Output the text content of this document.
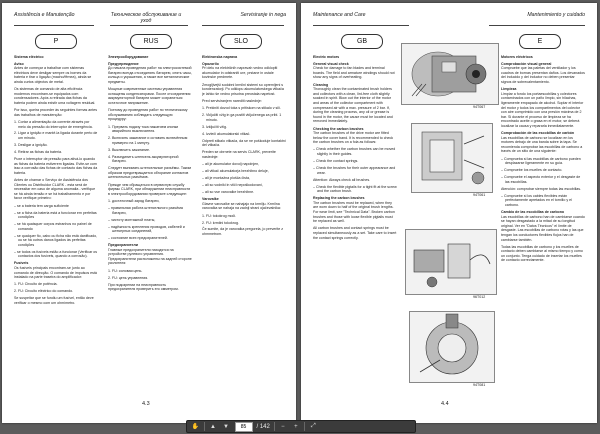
Assistência e Manutenção	Техническое обслуживание и уход
Servisiranje in nega
P	RUS	SLO
Sistema eléctrico
Aviso
Antes de começar a trabalhar com sistemas eléctricos deve desligar sempre os bornes da bateria e tirar o ligação (macho/fêmea), ainda se ainda curtos objectos de metal.
Os sistemas de comando de alta eficiência modernos encontram-se equipados com condensadores. Após a retirada das fichas da bateria podem ainda existir uma voltagem residual.
Por isso, queira proceder às seguintes formas antes das trabalhos de manutenção:
1. Cortar a alimentação da corrente através por meio da pressão do interruptor de emergência.
2. Ligar a ignição e mantê-la ligada durante perto de um minuto.
3. Desligar a ignição.
4. Retirar as fichas da bateria.
Puxe o interruptor de pressão para ativá-lo quando as fichas da bateria estiverem ligadas. Evite-se com isso a corrosão das fichas de contacto das fichas da bateria.
Antes de chamar o Serviço de Assistência dos Clientes ou Distribuidor CLARK - esta será de necessitar em caso de alguma anomalia - verifique se há ainda tensão e se há trabalhamento e por favor verifique primeiro:
– se a bateria tem carga suficiente
– se a ficha da bateria está a funcionar em perfeitas condições
– se há quaisquer corpos estranhos no painel de comando
– se qualquer fio, cabo ou ficha não está danificado, ou se há outros danos ligados às perfeitas condições
– se todos os fusíveis estão a funcionar (Verificar os contactos dos fusíveis, quando a corrosão).
Fusíveis
Os fusíveis principais encontram-se junto ao comando de direcção. O comando de impulsos está instalado na parte traseira do amplificador:
1. FU: Circuito de potência.
2. FU: Circuito eléctrico do comando.
Se suspeitar que se fundiu um fusível, então deve verificar o mesmo com um ohmímetro.
Электрооборудование
Предупреждение
До начала проведения работ на электросистемой батареи всегда отсоединять батарею, снять часы, кольца и украшения, а также все металлические предметы.
Мощные современные системы управления оснащены конденсаторами. После отсоединения аккумуляторной батареи может сохраниться остаточное напряжение.
Поэтому до проведения работ по техническому обслуживанию соблюдать следующую процедуру:
1. Прервать подачу тока нажатием кнопки аварийного выключателя.
2. Включить зажигание и оставить включённым примерно на 1 минуту.
3. Выключить зажигание.
4. Разъединить штепсель аккумуляторной батареи.
Следует вынимать штепсельные разъёмы. Таким образом предотвращается обгорание контактов штепсельных разъёмов.
Прежде чем обращаться в сервисную службу фирмы CLARK, при обнаружении неисправности в электрооборудовании проверьте следующее:
1. достаточный заряд батареи,
– правильная работа штепсельного разъёма батареи,
– чистоту монтажной платы,
– надёжность крепления проводов, кабелей и штекерных соединений,
– состояние всех предохранителей.
Предохранители
Главные предохранители находятся на устройстве рулевого управления. Предохранители расположены на задней стороне усилителя:
1. FU: силовая цепь.
2. FU: цепь управления.
При подозрении на неисправность предохранителя проверить его омметром.
Elektronska naprava
Opozorilo
Pri delu na električnih napravah vedno odklopiti akumulator in odstraniti ure, prstane in ostale kovinske predmete.
Zmogljivejši sodobni krmilni sistemi so opremljeni s kondenzatorji. Po odklopu akumulatorskega vtikača je lahko še vedno prisotna preostala napetost.
Pred servisiranjem narediti naslednje:
1. Prekiniti dovod toka s pritiskom na stikalo v sili.
2. Vključiti vžig in ga pustiti vključenega za pribl. 1 minuto.
3. Izključiti vžig.
4. Izvleči akumulatorski vtikač.
Odpreti stikalo vtikača, da se ne poškoduje kontaktni del vtikača.
Preden se obrnete na servis CLARK, preverite naslednje:
– ali je akumulator dovolj napolnjen,
– ali vtikač akumulatorja brezhibno deluje,
– ali je montažna plošča čista,
– ali so vodniki in vtiči nepoškodovani,
– ali so vse varovalke brezhibne.
Varovalke
Glavne varovalke se nahajajo na krmilju. Krmilna varovalka se nahaja na zadnji strani ojačevalnika:
1. FU: tokokrog moči.
2. FU: krmilni tokokrog.
Če sumite, da je varovalka pregorela, jo preverite z ohmmetrom.
4.3
Maintenance and Care	Mantenimiento y cuidado
GB	E
Electric motors
General visual check
Check for damage to fan blades and terminal boards. The field and armature windings should not show any signs of overheating.
Cleaning
Thoroughly clean the contaminated brush holders and collectors with a clean, lint-free cloth slightly soaked in spirit. Blow out the interior of the motor and areas of the collector compartment with compressed air with a max. pressure of 2 bar. If, during the cleaning process, any oil or grease is found in the motor, the cause must be located and removed immediately.
Checking the carbon brushes
The carbon brushes of the drive motor are fitted below the cover band. It is recommended to check the carbon brushes on a fola as follows:
– Check whether the carbon brushes can be moved slightly in their guides.
– Check the contact springs.
– Check the brushes for their outer appearance and wear.
Attention: Always check all brushes.
– Check the flexible pigtails for a tight fit at the screw and the carbon brush.
Replacing the carbon brushes
The carbon brushes must be replaced, when they are worn down to half of the original brush lengths. For wear limit, see "Technical Data". Broken carbon brushes and those with loose flexible pigtails must be replaced as well.
All carbon brushes and contact springs must be replaced simultaneously as a set. Take care to insert the contact springs correctly.
Motores eléctricos
Comprobación visual general
Compruebe que las paletas del ventilador y los cuadros de bornas presentan daños. Los devanados del inducido y del inductor no deben presentar signos de sobrecalentamiento.
Limpieza
Limpiar a fondo los portaescobillas y colectores contaminados con un paño limpio, sin hilachas, ligeramente empapado de alcohol. Soplar el interior del motor y todos los compartimentos del colector con aire comprimido con una presión máxima de 2 bar. Si durante el proceso de limpieza se ha encontrado aceite o grasa en el motor, se deberá localizar la causa y repararla inmediatamente.
Comprobación de las escobillas de carbón
Las escobillas de carbono se localizan en los motores debajo de una banda sobre la tapa. Se recomienda comprobar las escobillas de carbono a través de un sitio de una siguiente:
– Comprueba si las escobillas de carbono pueden desplazarse ligeramente en su guía.
– Compruebe los muelles de contacto.
– Compruebe el aspecto exterior y el desgaste de las escobillas.
Atención: comprobar siempre todas las escobillas.
– Compruebe si los cables flexibles están perfectamente apretados en el tornillo y el carbono.
Cambio de las escobillas de carbono
Las escobillas de carbono han de cambiarse cuando se hayan desgastado a la mitad de su longitud original. Ver en "Datos Técnicos" el límite de desgaste. Las escobillas de carbono rotas y las que tengan los conductores flexibles flojos han de cambiarse también.
Todas las escobillas de carbono y los muelles de contacto deben cambiarse al mismo tiempo y como un conjunto. Tenga cuidado de insertar los muelles de contacto correctamente.
94T067
94T061
96T012
94T081
4.4
✋ ▲ ▼	85	/ 142	−	+	⤢
